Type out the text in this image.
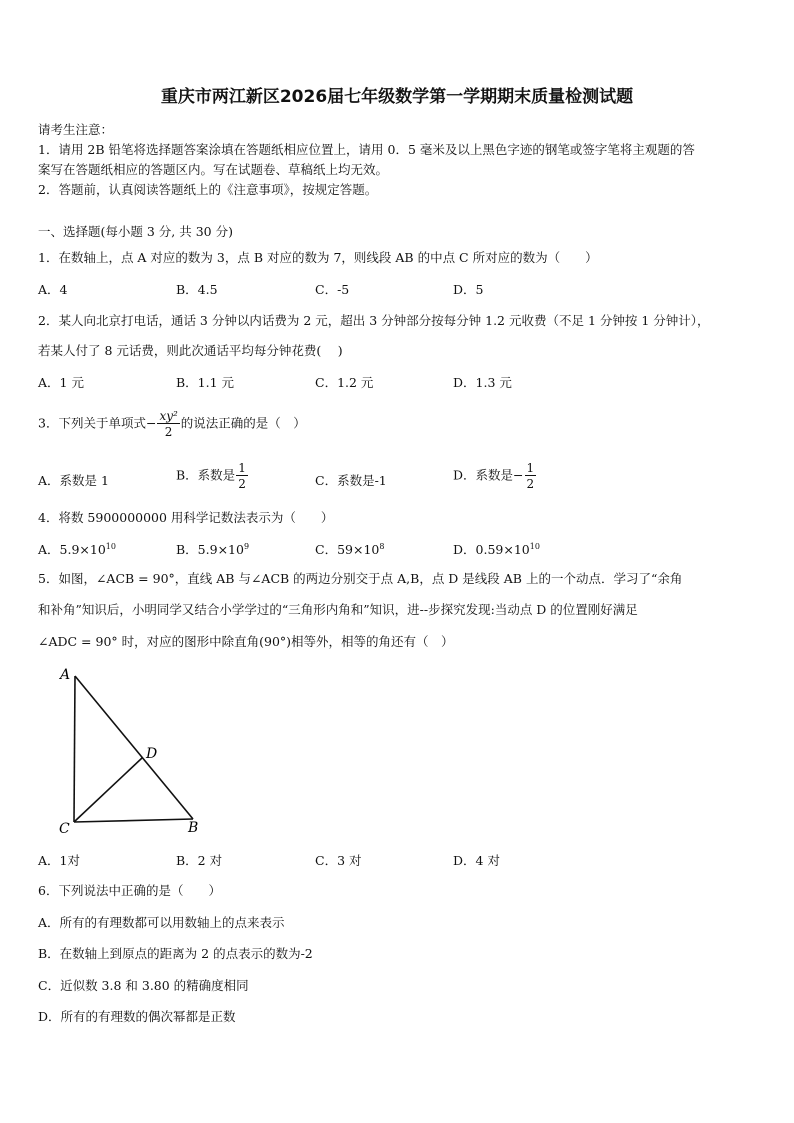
重庆市两江新区2026届七年级数学第一学期期末质量检测试题
请考生注意：
1．请用 2B 铅笔将选择题答案涂填在答题纸相应位置上，请用 0．5 毫米及以上黑色字迹的钢笔或签字笔将主观题的答
案写在答题纸相应的答题区内。写在试题卷、草稿纸上均无效。
2．答题前，认真阅读答题纸上的《注意事项》，按规定答题。
一、选择题(每小题 3 分, 共 30 分)
1．在数轴上，点 A 对应的数为 3，点 B 对应的数为 7，则线段 AB 的中点 C 所对应的数为（　　）
A．4	B．4.5	C．-5	D．5
2．某人向北京打电话，通话 3 分钟以内话费为 2 元，超出 3 分钟部分按每分钟 1.2 元收费（不足 1 分钟按 1 分钟计），
若某人付了 8 元话费，则此次通话平均每分钟花费(　 )
A．1 元	B．1.1 元	C．1.2 元	D．1.3 元
3．下列关于单项式− $\frac{\text{xy²}}{2}$ 的说法正确的是（　）
A．系数是 1	B．系数是 $\frac{1}{2}$	C．系数是-1	D．系数是− $\frac{1}{2}$
4．将数 5900000000 用科学记数法表示为（　　）
A．$5.9\times 10^{10}$	B．$5.9\times 10^9$	C．$59\times 10^8$	D．$0.59\times 10^{10}$
5．如图，∠ACB = 90°，直线 AB 与∠ACB 的两边分别交于点 A,B，点 D 是线段 AB 上的一个动点．学习了“余角
和补角”知识后，小明同学又结合小学学过的“三角形内角和”知识，进--步探究发现:当动点 D 的位置刚好满足
∠ADC = 90° 时，对应的图形中除直角(90°)相等外，相等的角还有（　）
A
D
C	B
A．1对	B．2 对	C．3 对	D．4 对
6．下列说法中正确的是（　　）
A．所有的有理数都可以用数轴上的点来表示
B．在数轴上到原点的距离为 2 的点表示的数为-2
C．近似数 3.8 和 3.80 的精确度相同
D．所有的有理数的偶次幂都是正数
